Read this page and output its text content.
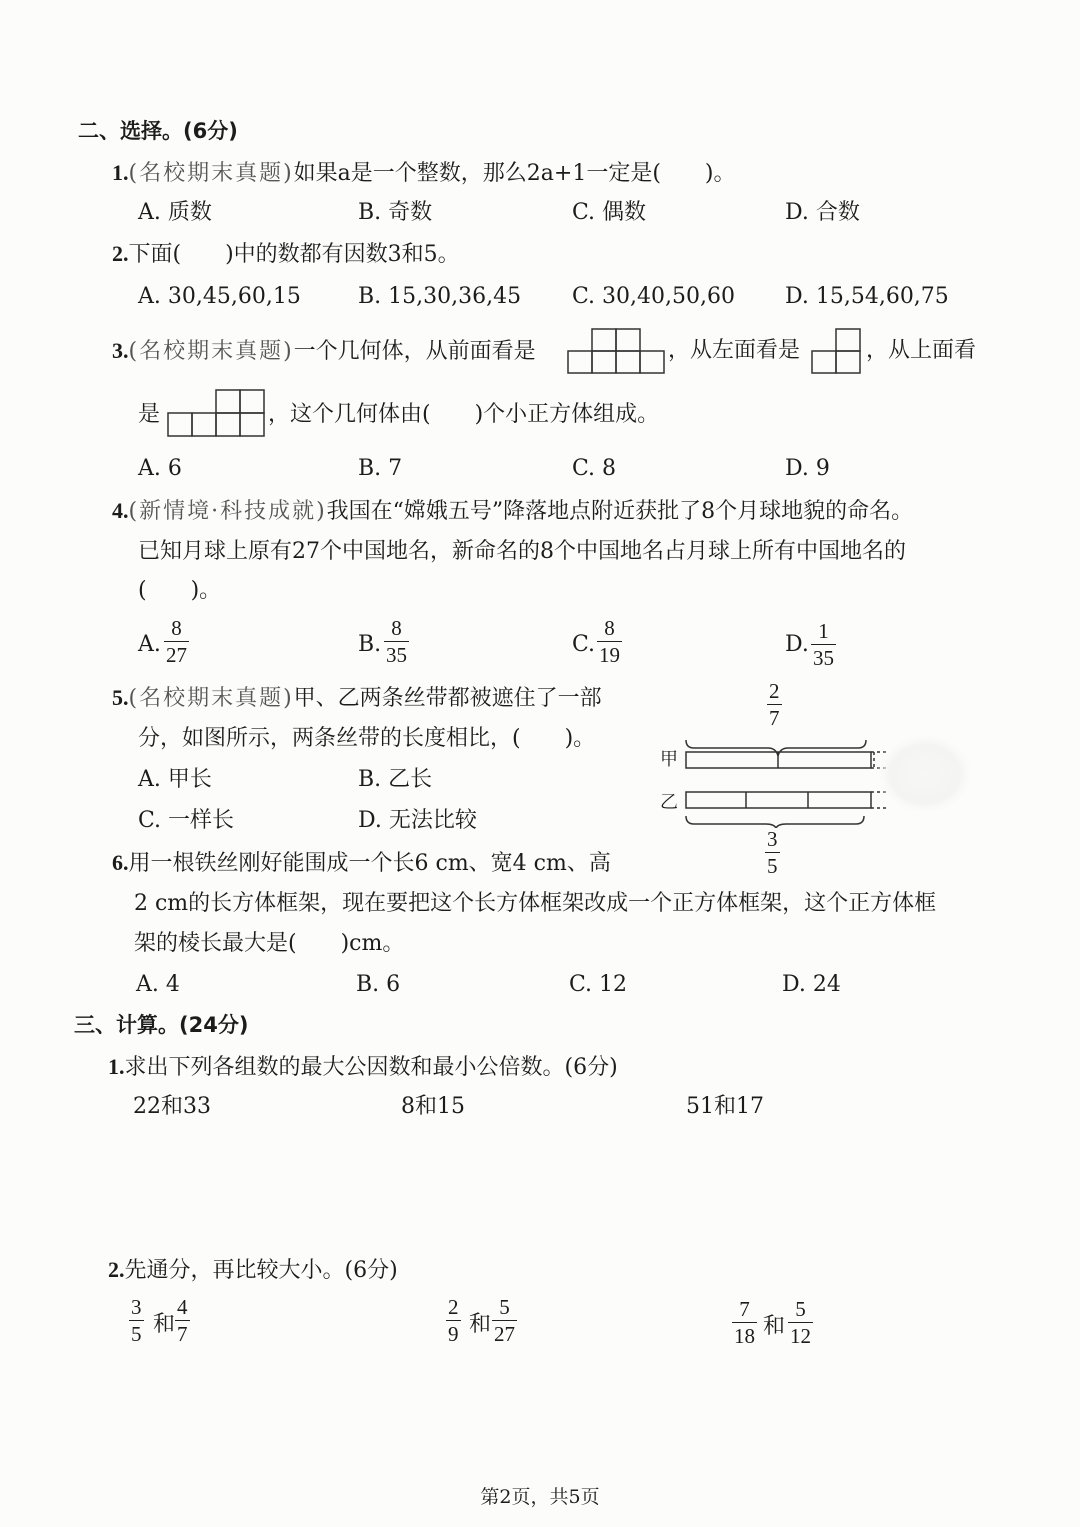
二、选择。(6分)
1.(名校期末真题)如果a是一个整数，那么2a+1一定是(　　)。
A. 质数	B. 奇数	C. 偶数	D. 合数
2.下面(　　)中的数都有因数3和5。
A. 30,45,60,15	B. 15,30,36,45 C. 30,40,50,60 D. 15,54,60,75
3.(名校期末真题)一个几何体，从前面看是	，从左面看是	，从上面看
是	，这个几何体由(　　)个小正方体组成。
A. 6	B. 7	C. 8	D. 9
4.(新情境·科技成就)我国在“嫦娥五号”降落地点附近获批了8个月球地貌的命名。
已知月球上原有27个中国地名，新命名的8个中国地名占月球上所有中国地名的
(　　)。
A.
8
27	B.
8
35	C.
8
19	D.
1
35
5.(名校期末真题)甲、乙两条丝带都被遮住了一部
分，如图所示，两条丝带的长度相比，(　　)。
A. 甲长	B. 乙长
C. 一样长	D. 无法比较
2
7
甲
乙
3
5
6.用一根铁丝刚好能围成一个长6 cm、宽4 cm、高
2 cm的长方体框架，现在要把这个长方体框架改成一个正方体框架，这个正方体框
架的棱长最大是(　　)cm。
A. 4	B. 6	C. 12	D. 24
三、计算。(24分)
1.求出下列各组数的最大公因数和最小公倍数。(6分)
22和33	8和15	51和17
2.先通分，再比较大小。(6分)
3
5 和
4
7
2
9 和
5
27
7
18 和
5
12
第2页，共5页
